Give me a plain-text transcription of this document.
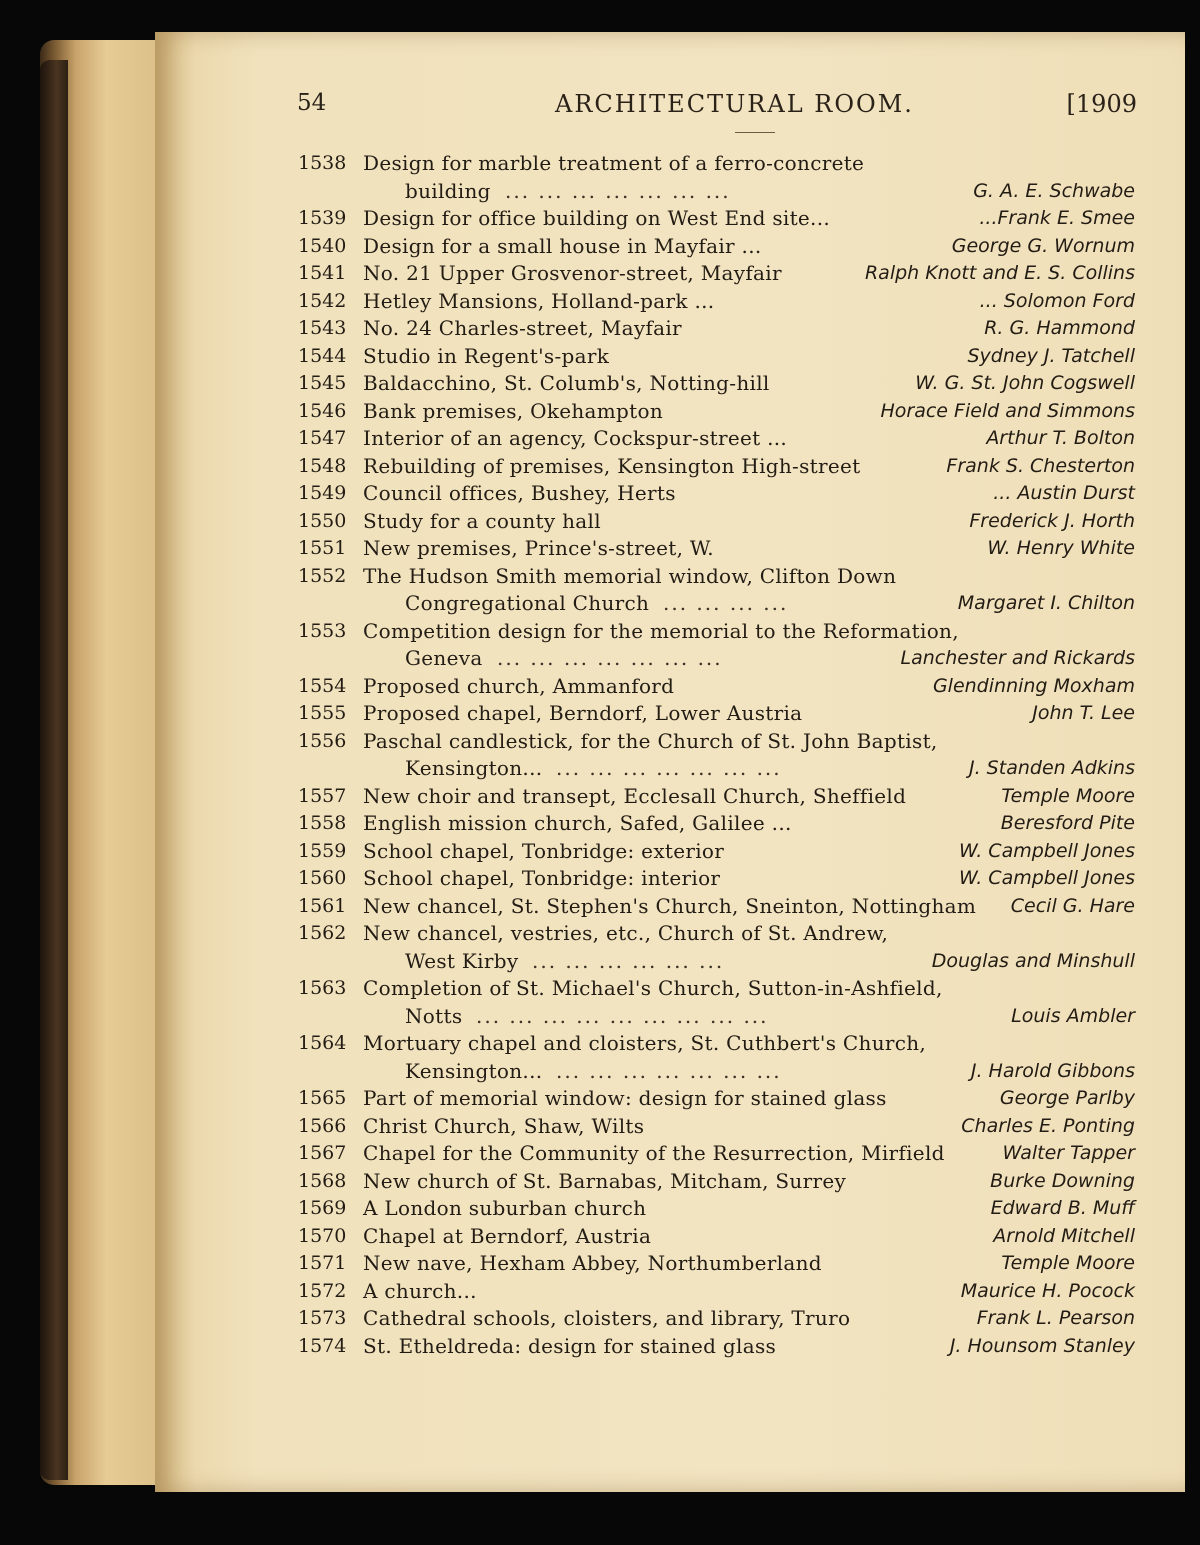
54	ARCHITECTURAL ROOM.	[1909
1538 Design for marble treatment of a ferro-concrete
building ... ... ... ... ... ... ...	G. A. E. Schwabe
1539 Design for office building on West End site...	...Frank E. Smee
1540 Design for a small house in Mayfair ...	George G. Wornum
1541 No. 21 Upper Grosvenor-street, Mayfair	Ralph Knott and E. S. Collins
1542 Hetley Mansions, Holland-park ...	... Solomon Ford
1543 No. 24 Charles-street, Mayfair	R. G. Hammond
1544 Studio in Regent's-park	Sydney J. Tatchell
1545 Baldacchino, St. Columb's, Notting-hill	W. G. St. John Cogswell
1546 Bank premises, Okehampton	Horace Field and Simmons
1547 Interior of an agency, Cockspur-street ...	Arthur T. Bolton
1548 Rebuilding of premises, Kensington High-street	Frank S. Chesterton
1549 Council offices, Bushey, Herts	... Austin Durst
1550 Study for a county hall	Frederick J. Horth
1551 New premises, Prince's-street, W.	W. Henry White
1552 The Hudson Smith memorial window, Clifton Down
Congregational Church ... ... ... ...	Margaret I. Chilton
1553 Competition design for the memorial to the Reformation,
Geneva ... ... ... ... ... ... ...	Lanchester and Rickards
1554 Proposed church, Ammanford	Glendinning Moxham
1555 Proposed chapel, Berndorf, Lower Austria	John T. Lee
1556 Paschal candlestick, for the Church of St. John Baptist,
Kensington... ... ... ... ... ... ... ...	J. Standen Adkins
1557 New choir and transept, Ecclesall Church, Sheffield	Temple Moore
1558 English mission church, Safed, Galilee ...	Beresford Pite
1559 School chapel, Tonbridge: exterior	W. Campbell Jones
1560 School chapel, Tonbridge: interior	W. Campbell Jones
1561 New chancel, St. Stephen's Church, Sneinton, Nottingham	Cecil G. Hare
1562 New chancel, vestries, etc., Church of St. Andrew,
West Kirby ... ... ... ... ... ...	Douglas and Minshull
1563 Completion of St. Michael's Church, Sutton-in-Ashfield,
Notts ... ... ... ... ... ... ... ... ...	Louis Ambler
1564 Mortuary chapel and cloisters, St. Cuthbert's Church,
Kensington... ... ... ... ... ... ... ...	J. Harold Gibbons
1565 Part of memorial window: design for stained glass	George Parlby
1566 Christ Church, Shaw, Wilts	Charles E. Ponting
1567 Chapel for the Community of the Resurrection, Mirfield	Walter Tapper
1568 New church of St. Barnabas, Mitcham, Surrey	Burke Downing
1569 A London suburban church	Edward B. Muff
1570 Chapel at Berndorf, Austria	Arnold Mitchell
1571 New nave, Hexham Abbey, Northumberland	Temple Moore
1572 A church...	Maurice H. Pocock
1573 Cathedral schools, cloisters, and library, Truro	Frank L. Pearson
1574 St. Etheldreda: design for stained glass	J. Hounsom Stanley
